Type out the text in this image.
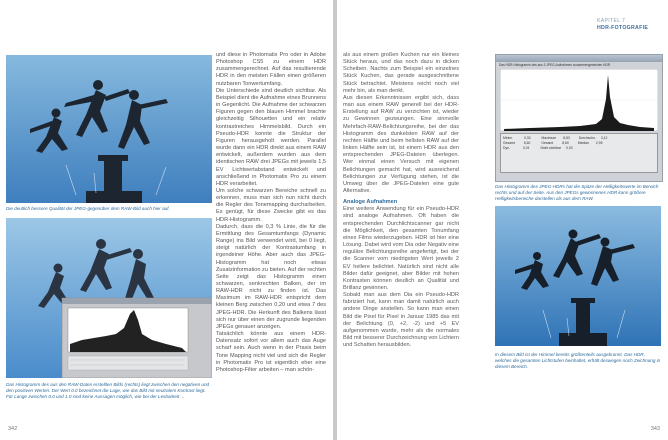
Die deutlich bessere Qualität der JPEG-gegenüber dem RAW-Bild auch hier auf.
Das Histogramm des aus den RAW-Daten erstellten Bilds (rechts) liegt zwischen den negativen und den positiven Werten. Der Wert 0.0 bezeichnet die Lage, wie das Bild mit neutralem Kontrast liegt. Für Lange zwischen 0.0 und 1.0 sind keine Aussagen möglich, wie bei der Lesbarkeit ...

und diese in Photomatix Pro oder in Adobe Photoshop CS5 zu einem HDR zusammengerechnet. Auf das resultierende HDR in den meisten Fällen einen größeren nutzbaren Tonwertumfang.

Die Unterschiede sind deutlich sichtbar. Als Beispiel dient die Aufnahme eines Brunnens in Gegenlicht. Die Aufnahme der schwarzen Figuren gegen den blauen Himmel brachte gleichzeitig Silhouetten und ein relativ kontrastreiches Himmelsbild. Durch ein Pseudo-HDR konnte die Struktur der Figuren herausgeholt werden. Parallel wurde dann ein HDR direkt aus einem RAW entwickelt, außerdem wurden aus dem identischen RAW drei JPEGs mit jeweils 1,5 EV Lichtwertabstand entwickelt und anschließend in Photomatix Pro zu einem HDR verarbeitet.

Um solche schwarzen Bereiche schnell zu erkennen, muss man sich nun nicht durch die Regler des Tonemapping durcharbeiten. Es genügt, für diese Zwecke gibt es das HDR-Histogramm.

Dadurch, dass die 0,3 % Linie, die für die Ermittlung des Gesamtumfangs (Dynamic Range) ins Bild verwendet wird, bei 0 liegt, steigt natürlich der Kontrastumfang in irgendeiner Höhe. Aber auch das JPEG-Histogramm hat noch etwas Zusatzinformation zu bieten. Auf der rechten Seite zeigt das Histogramm einen schwarzen, senkrechten Balken, der im RAW-HDR nicht zu finden ist. Das Maximum im RAW-HDR entspricht dem kleinen Berg zwischen 0,20 und etwa 7 des JPEG-HDR. Die Herkunft des Balkens lässt sich nur über einen der zugrunde liegenden JPEGs genauer anzeigen.

Tatsächlich könnte aus einem HDR-Datensatz sofort vor allem auch das Auge scharf sein. Auch wenn in der Praxis beim Tone Mapping nicht viel und sich die Regler in Photomatix Pro ist eigentlich eher eine Photoshop-Filter arbeiten – man schön-

342
KAPITEL 7
HDR-FOTOGRAFIE

als aus einem großen Kuchen nur ein kleines Stück heraus, und das noch dazu in dicken Scheiben. Nachts zum Beispiel ein einzelnes Stück Kuchen, das gerade ausgeschnittene Stück betrachtet. Meistens reicht noch viel mehr bin, als man denkt.

Aus diesen Erkenntnissen ergibt sich, dass man aus einem RAW generell bei der HDR-Erstellung auf RAW zu verzichten ist, wieder zu Gewinnen gezwungen. Eine sinnvolle Mehrfach-RAW-Belichtungsreihe, bei der das Histogramm des dunkelsten RAW auf der rechten Hälfte und beim hellsten RAW auf der linken Hälfte sein ist, ist einem HDR aus den entsprechenden JPEG-Dateien überlegen. Wer einmal einen Versuch mit eigenen Belichtungen gemacht hat, wird ausreichend Belichtungen zur Verfügung stehen, ist die Umweg über die JPEG-Dateien eine gute Alternative.

Analoge Aufnahmen

Eine weitere Anwendung für ein Pseudo-HDR sind analoge Aufnahmen. Oft haben die entsprechenden Durchlichtscanner gar nicht die Möglichkeit, den gesamten Tonumfang eines Films wiederzugeben. HDR ist hier eine Lösung. Dabei wird vom Dia oder Negativ eine reguläre Belichtungsreihe angefertigt, bei der die Scanner vom niedrigsten Wert jeweils 2 EV hellere belichtet. Natürlich sind nicht alle Bilder dafür geeignet, aber Bilder mit hohen Kontrasten können deutlich an Qualität und Brillanz gewinnen.

Sobald man aus dem Dia ein Pseudo-HDR fabriziert hat, kann man damit natürlich auch andere Dinge anstellen. So kann man einen Bild die Pixel für Pixel in Januar 1985 das mit der Belichtung (0, +2, -2) und +5 EV aufgenommen wurde, mehr als die normales Bild mit besserer Durchzeichnung von Lichtern und Schatten herausbilden.

Das HDR-Histogramm des aus 3 JPEG-Aufnahmen zusammengesetzten HDR
Minim.	0,33	Maximum 8,83	Durchschn. 3,12
Gesamt	6,60	Gesamt	8,60	Median 2,95
Dyn.	0,01	Nicht sichtbar 0,00
Das Histogramm des JPEG-HDRs hat die Spitze der Helligkeitswerte im Bereich rechts und auf der Seite. Aus den JPEGs gewonnenes HDR kann größere Helligkeitsbereiche darstellen als aus dem RAW.
In diesem Bild ist der Himmel bereits größtenteils ausgebrannt. Das HDR, welches die gesamten Lichtstufen beinhaltet, erhält deswegen noch Zeichnung in diesem Bereich.
343
